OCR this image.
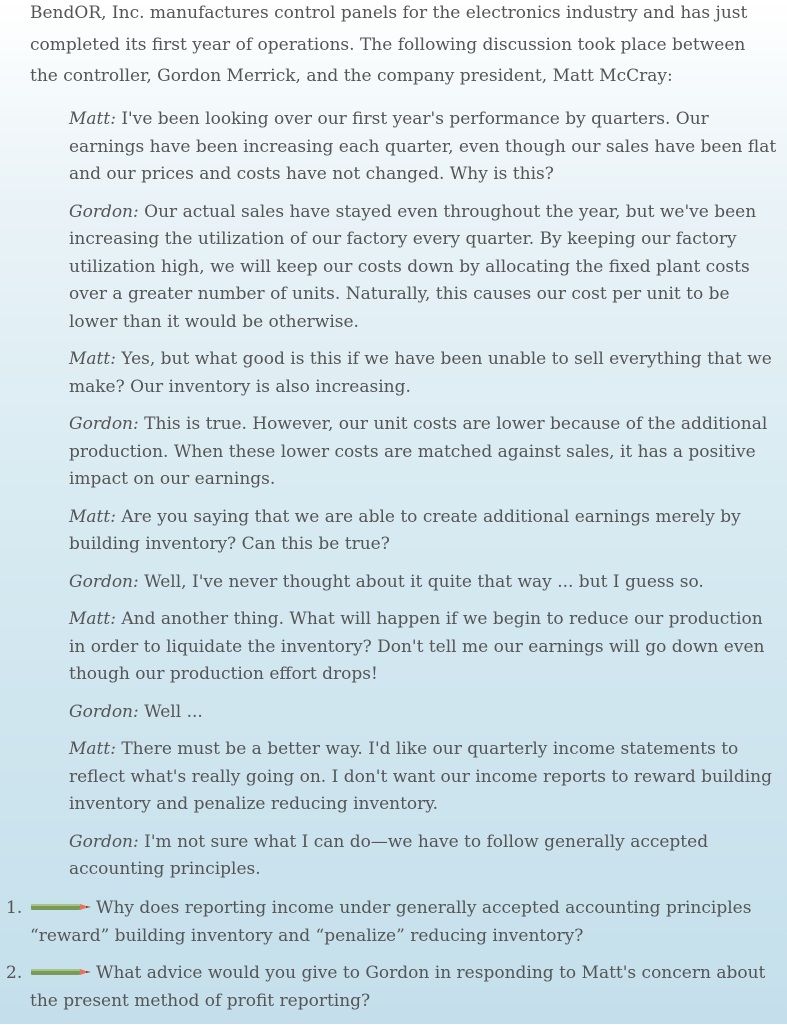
BendOR, Inc. manufactures control panels for the electronics industry and has just completed its first year of operations. The following discussion took place between the controller, Gordon Merrick, and the company president, Matt McCray:

Matt: I've been looking over our first year's performance by quarters. Our earnings have been increasing each quarter, even though our sales have been flat and our prices and costs have not changed. Why is this?

Gordon: Our actual sales have stayed even throughout the year, but we've been increasing the utilization of our factory every quarter. By keeping our factory utilization high, we will keep our costs down by allocating the fixed plant costs over a greater number of units. Naturally, this causes our cost per unit to be lower than it would be otherwise.

Matt: Yes, but what good is this if we have been unable to sell everything that we make? Our inventory is also increasing.

Gordon: This is true. However, our unit costs are lower because of the additional production. When these lower costs are matched against sales, it has a positive impact on our earnings.

Matt: Are you saying that we are able to create additional earnings merely by building inventory? Can this be true?

Gordon: Well, I've never thought about it quite that way ... but I guess so.

Matt: And another thing. What will happen if we begin to reduce our production in order to liquidate the inventory? Don't tell me our earnings will go down even though our production effort drops!

Gordon: Well ...

Matt: There must be a better way. I'd like our quarterly income statements to reflect what's really going on. I don't want our income reports to reward building inventory and penalize reducing inventory.

Gordon: I'm not sure what I can do—we have to follow generally accepted accounting principles.

1.	Why does reporting income under generally accepted accounting principles “reward” building inventory and “penalize” reducing inventory?
2.	What advice would you give to Gordon in responding to Matt's concern about the present method of profit reporting?
